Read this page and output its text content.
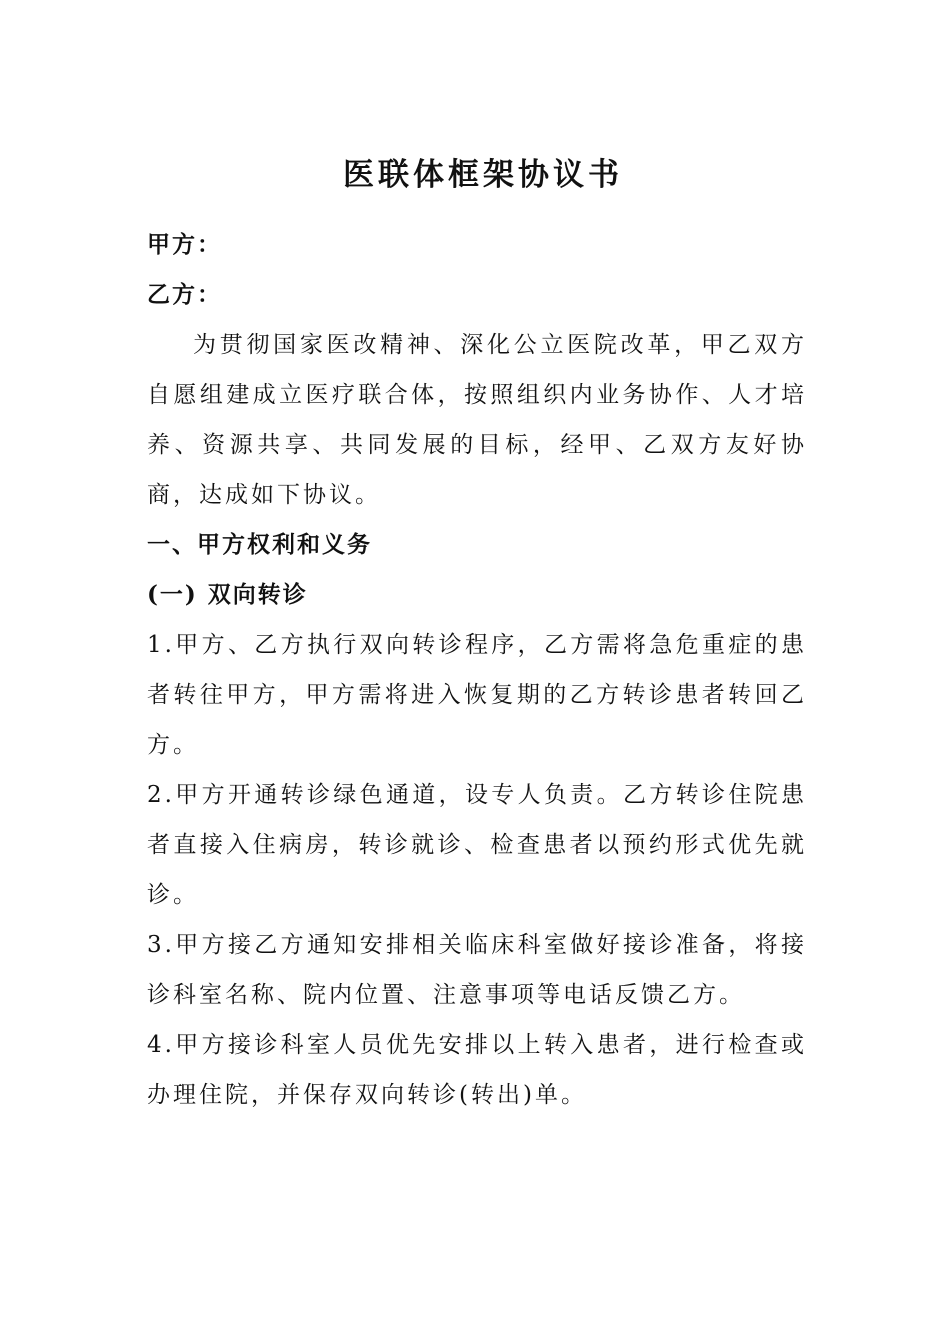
医联体框架协议书

甲方：

乙方：

为贯彻国家医改精神、深化公立医院改革，甲乙双方自愿组建成立医疗联合体，按照组织内业务协作、人才培养、资源共享、共同发展的目标，经甲、乙双方友好协商，达成如下协议。

一、甲方权利和义务

(一) 双向转诊

1.甲方、乙方执行双向转诊程序，乙方需将急危重症的患者转往甲方，甲方需将进入恢复期的乙方转诊患者转回乙方。

2.甲方开通转诊绿色通道，设专人负责。乙方转诊住院患者直接入住病房，转诊就诊、检查患者以预约形式优先就诊。

3.甲方接乙方通知安排相关临床科室做好接诊准备，将接诊科室名称、院内位置、注意事项等电话反馈乙方。

4.甲方接诊科室人员优先安排以上转入患者，进行检查或办理住院，并保存双向转诊(转出)单。
